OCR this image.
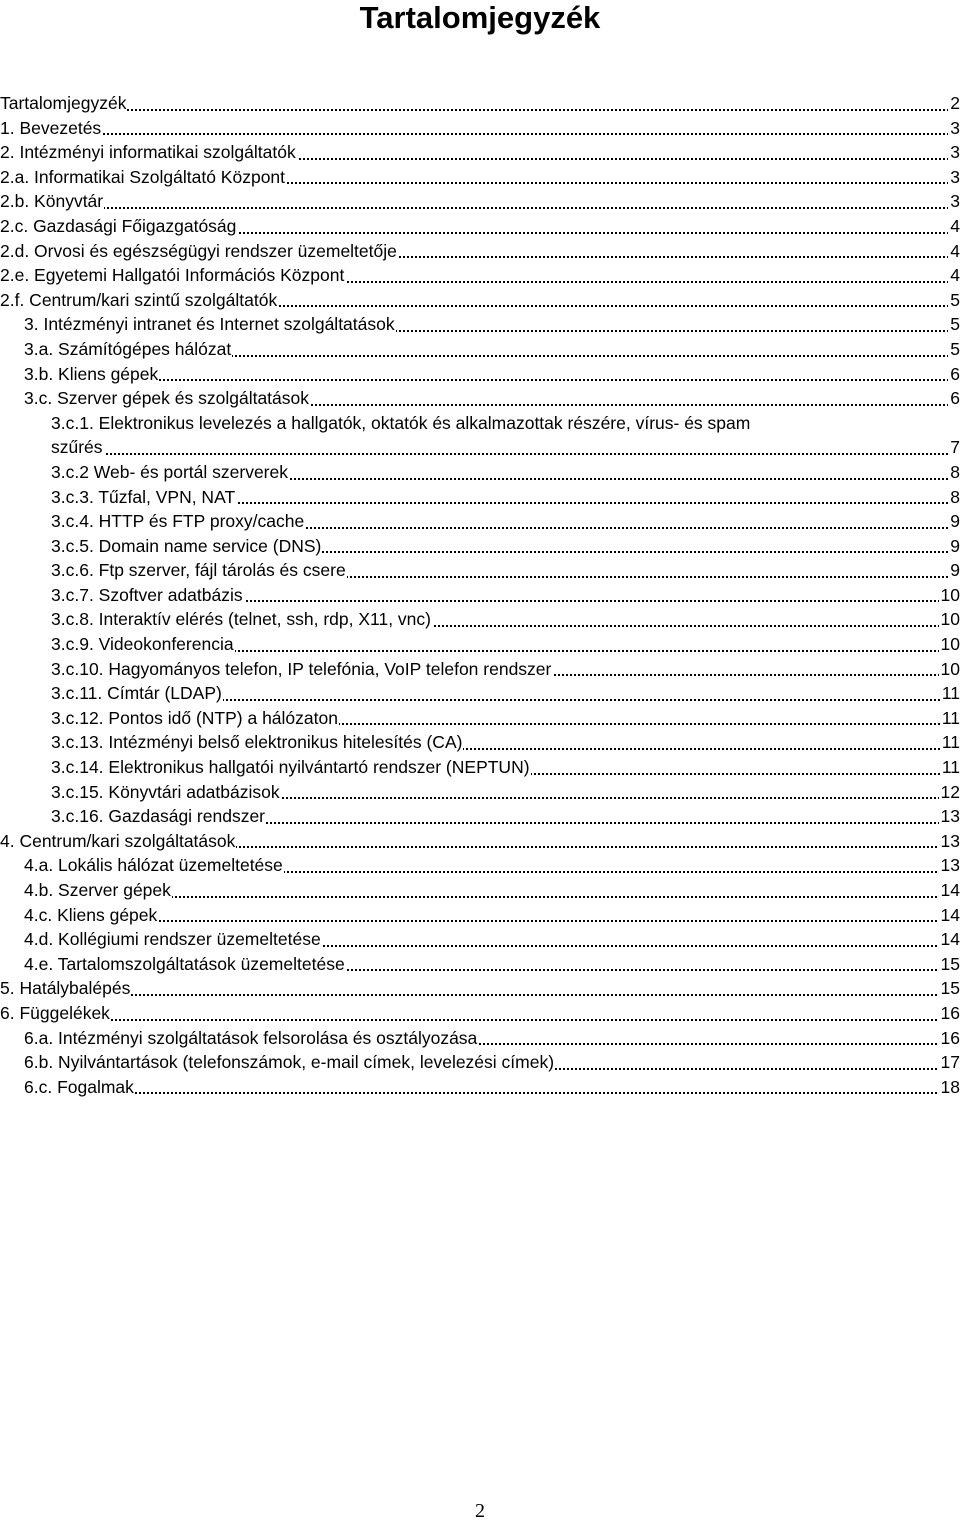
Tartalomjegyzék
Tartalomjegyzék	2
1. Bevezetés	3
2. Intézményi informatikai szolgáltatók	3
2.a. Informatikai Szolgáltató Központ	3
2.b. Könyvtár	3
2.c. Gazdasági Főigazgatóság	4
2.d. Orvosi és egészségügyi rendszer üzemeltetője	4
2.e. Egyetemi Hallgatói Információs Központ	4
2.f. Centrum/kari szintű szolgáltatók	5
3. Intézményi intranet és Internet szolgáltatások	5
3.a. Számítógépes hálózat	5
3.b. Kliens gépek	6
3.c. Szerver gépek és szolgáltatások	6
3.c.1. Elektronikus levelezés a hallgatók, oktatók és alkalmazottak részére, vírus- és spam
szűrés	7
3.c.2 Web- és portál szerverek	8
3.c.3. Tűzfal, VPN, NAT	8
3.c.4. HTTP és FTP proxy/cache	9
3.c.5. Domain name service (DNS)	9
3.c.6. Ftp szerver, fájl tárolás és csere	9
3.c.7. Szoftver adatbázis	10
3.c.8. Interaktív elérés (telnet, ssh, rdp, X11, vnc)	10
3.c.9. Videokonferencia	10
3.c.10. Hagyományos telefon, IP telefónia, VoIP telefon rendszer	10
3.c.11. Címtár (LDAP)	11
3.c.12. Pontos idő (NTP) a hálózaton	11
3.c.13. Intézményi belső elektronikus hitelesítés (CA)	11
3.c.14. Elektronikus hallgatói nyilvántartó rendszer (NEPTUN)	11
3.c.15. Könyvtári adatbázisok	12
3.c.16. Gazdasági rendszer	13
4. Centrum/kari szolgáltatások	13
4.a. Lokális hálózat üzemeltetése	13
4.b. Szerver gépek	14
4.c. Kliens gépek	14
4.d. Kollégiumi rendszer üzemeltetése	14
4.e. Tartalomszolgáltatások üzemeltetése	15
5. Hatálybalépés	15
6. Függelékek	16
6.a. Intézményi szolgáltatások felsorolása és osztályozása	16
6.b. Nyilvántartások (telefonszámok, e-mail címek, levelezési címek)	17
6.c. Fogalmak	18
2
